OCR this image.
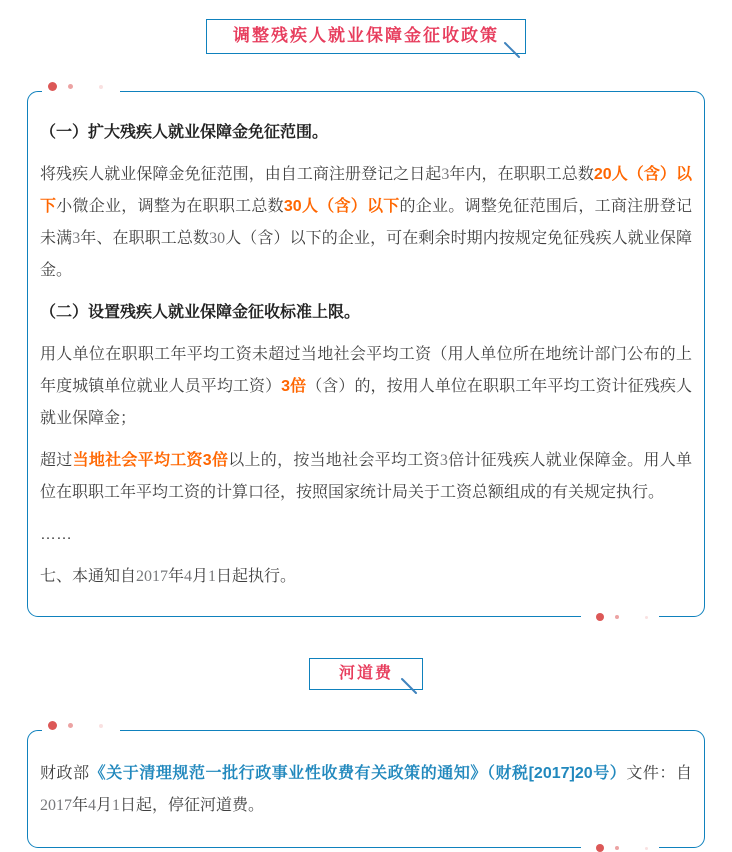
调整残疾人就业保障金征收政策

（一）扩大残疾人就业保障金免征范围。

将残疾人就业保障金免征范围，由自工商注册登记之日起3年内，在职职工总数20人（含）以下小微企业，调整为在职职工总数30人（含）以下的企业。调整免征范围后，工商注册登记未满3年、在职职工总数30人（含）以下的企业，可在剩余时期内按规定免征残疾人就业保障金。

（二）设置残疾人就业保障金征收标准上限。

用人单位在职职工年平均工资未超过当地社会平均工资（用人单位所在地统计部门公布的上年度城镇单位就业人员平均工资）3倍（含）的，按用人单位在职职工年平均工资计征残疾人就业保障金；

超过当地社会平均工资3倍以上的，按当地社会平均工资3倍计征残疾人就业保障金。用人单位在职职工年平均工资的计算口径，按照国家统计局关于工资总额组成的有关规定执行。

……

七、本通知自2017年4月1日起执行。

河道费

财政部《关于清理规范一批行政事业性收费有关政策的通知》（财税[2017]20号）文件：自2017年4月1日起，停征河道费。
